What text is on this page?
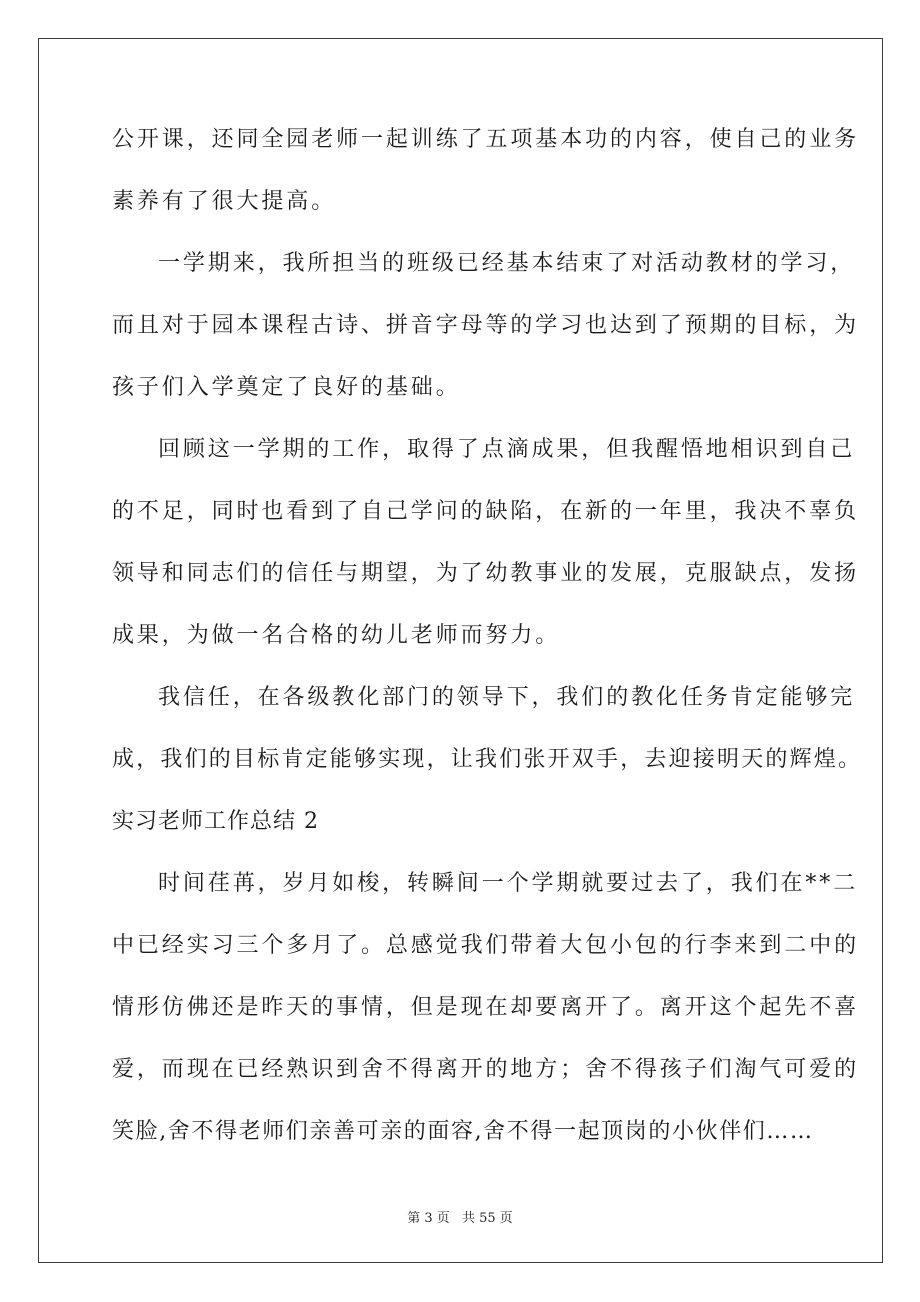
公开课，还同全园老师一起训练了五项基本功的内容，使自己的业务
素养有了很大提高。
一学期来，我所担当的班级已经基本结束了对活动教材的学习，
而且对于园本课程古诗、拼音字母等的学习也达到了预期的目标，为
孩子们入学奠定了良好的基础。
回顾这一学期的工作，取得了点滴成果，但我醒悟地相识到自己
的不足，同时也看到了自己学问的缺陷，在新的一年里，我决不辜负
领导和同志们的信任与期望，为了幼教事业的发展，克服缺点，发扬
成果，为做一名合格的幼儿老师而努力。
我信任，在各级教化部门的领导下，我们的教化任务肯定能够完
成，我们的目标肯定能够实现，让我们张开双手，去迎接明天的辉煌。
实习老师工作总结 2
时间荏苒，岁月如梭，转瞬间一个学期就要过去了，我们在**二
中已经实习三个多月了。总感觉我们带着大包小包的行李来到二中的
情形仿佛还是昨天的事情，但是现在却要离开了。离开这个起先不喜
爱，而现在已经熟识到舍不得离开的地方；舍不得孩子们淘气可爱的
笑脸,舍不得老师们亲善可亲的面容,舍不得一起顶岗的小伙伴们……
第 3 页 共 55 页
